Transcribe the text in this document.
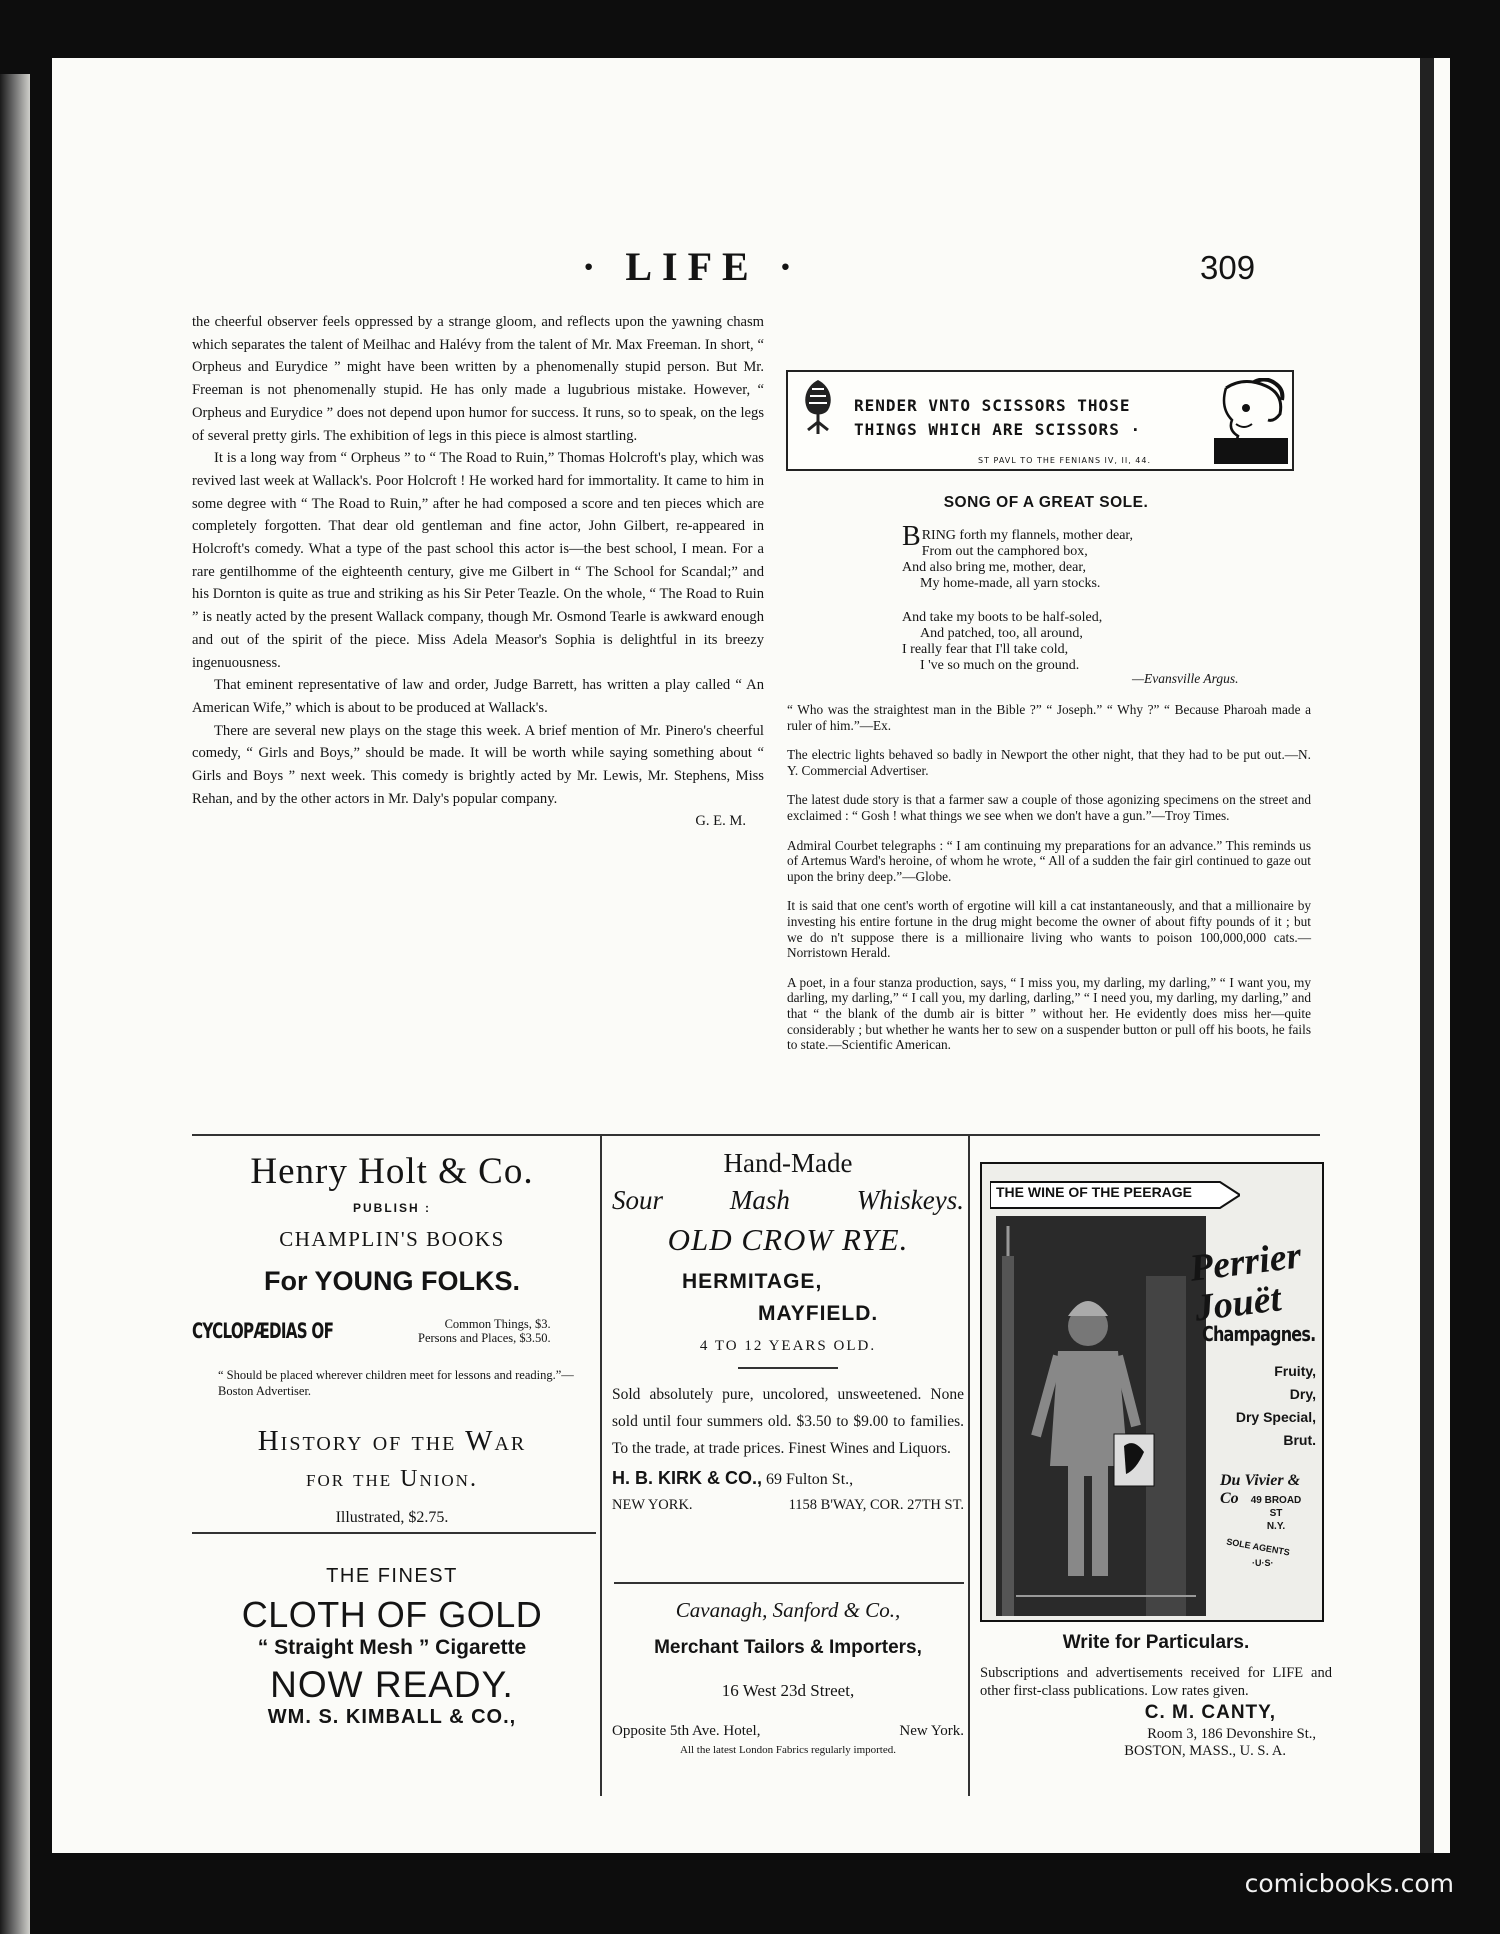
· LIFE ·	309

the cheerful observer feels oppressed by a strange gloom, and reflects upon the yawning chasm which separates the talent of Meilhac and Halévy from the talent of Mr. Max Freeman. In short, “ Orpheus and Eurydice ” might have been written by a phenomenally stupid person. But Mr. Freeman is not phenomenally stupid. He has only made a lugubrious mistake. However, “ Orpheus and Eurydice ” does not depend upon humor for success. It runs, so to speak, on the legs of several pretty girls. The exhibition of legs in this piece is almost startling.

It is a long way from “ Orpheus ” to “ The Road to Ruin,” Thomas Holcroft's play, which was revived last week at Wallack's. Poor Holcroft ! He worked hard for immortality. It came to him in some degree with “ The Road to Ruin,” after he had composed a score and ten pieces which are completely forgotten. That dear old gentleman and fine actor, John Gilbert, re-appeared in Holcroft's comedy. What a type of the past school this actor is—the best school, I mean. For a rare gentilhomme of the eighteenth century, give me Gilbert in “ The School for Scandal;” and his Dornton is quite as true and striking as his Sir Peter Teazle. On the whole, “ The Road to Ruin ” is neatly acted by the present Wallack company, though Mr. Osmond Tearle is awkward enough and out of the spirit of the piece. Miss Adela Measor's Sophia is delightful in its breezy ingenuousness.

That eminent representative of law and order, Judge Barrett, has written a play called “ An American Wife,” which is about to be produced at Wallack's.

There are several new plays on the stage this week. A brief mention of Mr. Pinero's cheerful comedy, “ Girls and Boys,” should be made. It will be worth while saying something about “ Girls and Boys ” next week. This comedy is brightly acted by Mr. Lewis, Mr. Stephens, Miss Rehan, and by the other actors in Mr. Daly's popular company.

G. E. M.
RENDER VNTO SCISSORS THOSE
THINGS WHICH ARE SCISSORS ·
ST PAVL TO THE FENIANS IV, II, 44.
SONG OF A GREAT SOLE.
B RING forth my flannels, mother dear,
From out the camphored box,
And also bring me, mother, dear,
My home-made, all yarn stocks.
And take my boots to be half-soled,
And patched, too, all around,
I really fear that I'll take cold,
I 've so much on the ground.
—Evansville Argus.

“ Who was the straightest man in the Bible ?” “ Joseph.” “ Why ?” “ Because Pharoah made a ruler of him.”—Ex.

The electric lights behaved so badly in Newport the other night, that they had to be put out.—N. Y. Commercial Advertiser.

The latest dude story is that a farmer saw a couple of those agonizing specimens on the street and exclaimed : “ Gosh ! what things we see when we don't have a gun.”—Troy Times.

Admiral Courbet telegraphs : “ I am continuing my preparations for an advance.” This reminds us of Artemus Ward's heroine, of whom he wrote, “ All of a sudden the fair girl continued to gaze out upon the briny deep.”—Globe.

It is said that one cent's worth of ergotine will kill a cat instantaneously, and that a millionaire by investing his entire fortune in the drug might become the owner of about fifty pounds of it ; but we do n't suppose there is a millionaire living who wants to poison 100,000,000 cats.—Norristown Herald.

A poet, in a four stanza production, says, “ I miss you, my darling, my darling,” “ I want you, my darling, my darling,” “ I call you, my darling, darling,” “ I need you, my darling, my darling,” and that “ the blank of the dumb air is bitter ” without her. He evidently does miss her—quite considerably ; but whether he wants her to sew on a suspender button or pull off his boots, he fails to state.—Scientific American.

Henry Holt & Co.
PUBLISH :
CHAMPLIN'S BOOKS
For YOUNG FOLKS.
CYCLOPÆDIAS OF	Common Things, $3.
Persons and Places, $3.50.
“ Should be placed wherever children meet for lessons and reading.”—Boston Advertiser.
History of the War
for the Union.
Illustrated, $2.75.
THE FINEST
CLOTH OF GOLD
“ Straight Mesh ” Cigarette
NOW READY.
WM. S. KIMBALL & CO.,
Hand-Made
Sour Mash Whiskeys.
OLD CROW RYE.
HERMITAGE,
MAYFIELD.
4 TO 12 YEARS OLD.
Sold absolutely pure, uncolored, unsweetened. None sold until four summers old. $3.50 to $9.00 to families. To the trade, at trade prices. Finest Wines and Liquors.
H. B. KIRK & CO., 69 Fulton St.,
NEW YORK.	1158 B'WAY, COR. 27TH ST.
Cavanagh, Sanford & Co.,
Merchant Tailors & Importers,
16 West 23d Street,
Opposite 5th Ave. Hotel,	New York.
All the latest London Fabrics regularly imported.
THE WINE OF THE PEERAGE
Perrier
Jouët
Champagnes.
Fruity,
Dry,
Dry Special,
Brut.
Du Vivier & Co	49 BROAD ST
N.Y.
SOLE AGENTS
·U·S·
Write for Particulars.
Subscriptions and advertisements received for LIFE and other first-class publications. Low rates given.
C. M. CANTY,
Room 3, 186 Devonshire St.,
BOSTON, MASS., U. S. A.
comicbooks.com
